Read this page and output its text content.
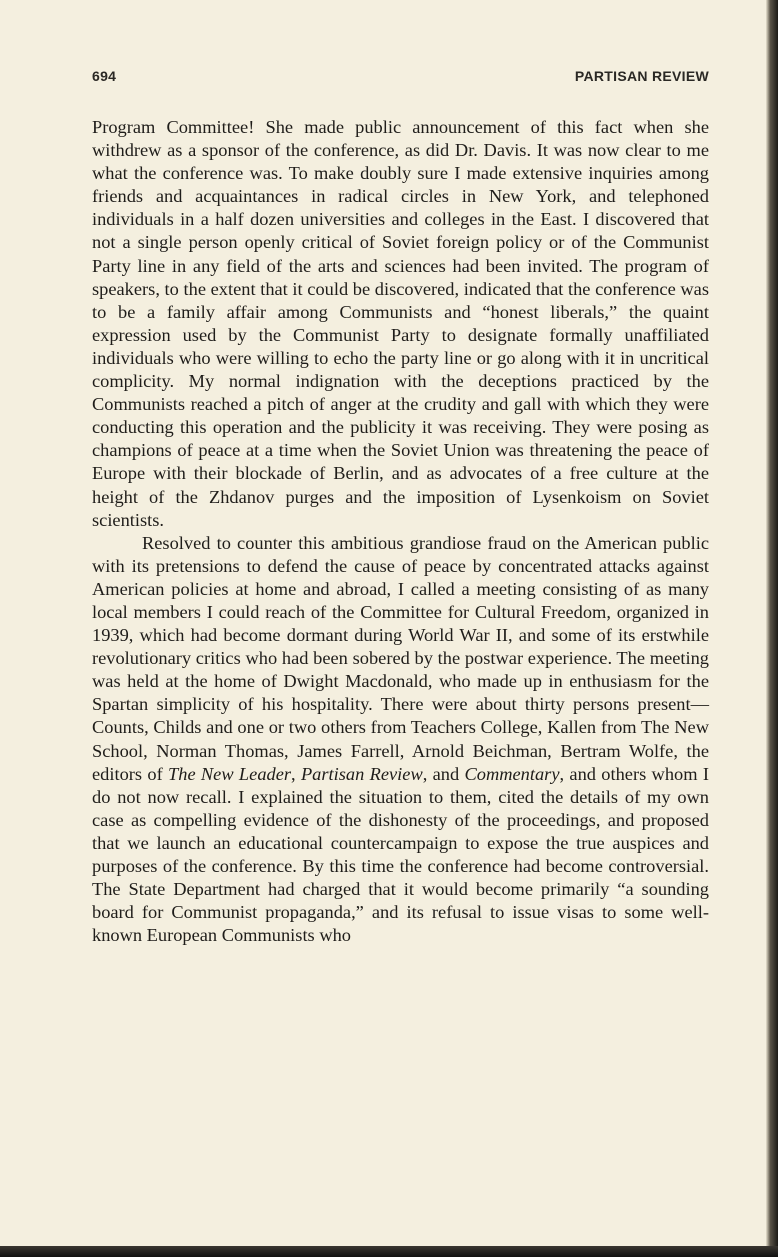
694	PARTISAN REVIEW

Program Committee! She made public announcement of this fact when she withdrew as a sponsor of the conference, as did Dr. Davis. It was now clear to me what the conference was. To make doubly sure I made extensive inquiries among friends and acquaintances in radical circles in New York, and telephoned individuals in a half dozen universities and colleges in the East. I discovered that not a single person openly critical of Soviet foreign policy or of the Communist Party line in any field of the arts and sciences had been invited. The program of speakers, to the extent that it could be discovered, indicated that the conference was to be a family affair among Communists and “honest liberals,” the quaint expression used by the Communist Party to designate formally unaffiliated individuals who were willing to echo the party line or go along with it in uncritical complicity. My normal indignation with the deceptions practiced by the Communists reached a pitch of anger at the crudity and gall with which they were conducting this operation and the publicity it was receiving. They were posing as champions of peace at a time when the Soviet Union was threatening the peace of Europe with their blockade of Berlin, and as advocates of a free culture at the height of the Zhdanov purges and the imposition of Lysenkoism on Soviet scientists.

Resolved to counter this ambitious grandiose fraud on the American public with its pretensions to defend the cause of peace by concentrated attacks against American policies at home and abroad, I called a meeting consisting of as many local members I could reach of the Committee for Cultural Freedom, organized in 1939, which had become dormant during World War II, and some of its erstwhile revolutionary critics who had been sobered by the postwar experience. The meeting was held at the home of Dwight Macdonald, who made up in enthusiasm for the Spartan simplicity of his hospitality. There were about thirty persons present—Counts, Childs and one or two others from Teachers College, Kallen from The New School, Norman Thomas, James Farrell, Arnold Beichman, Bertram Wolfe, the editors of The New Leader, Partisan Review, and Commentary, and others whom I do not now recall. I explained the situation to them, cited the details of my own case as compelling evidence of the dishonesty of the proceedings, and proposed that we launch an educational countercampaign to expose the true auspices and purposes of the conference. By this time the conference had become controversial. The State Department had charged that it would become primarily “a sounding board for Communist propaganda,” and its refusal to issue visas to some well-known European Communists who
